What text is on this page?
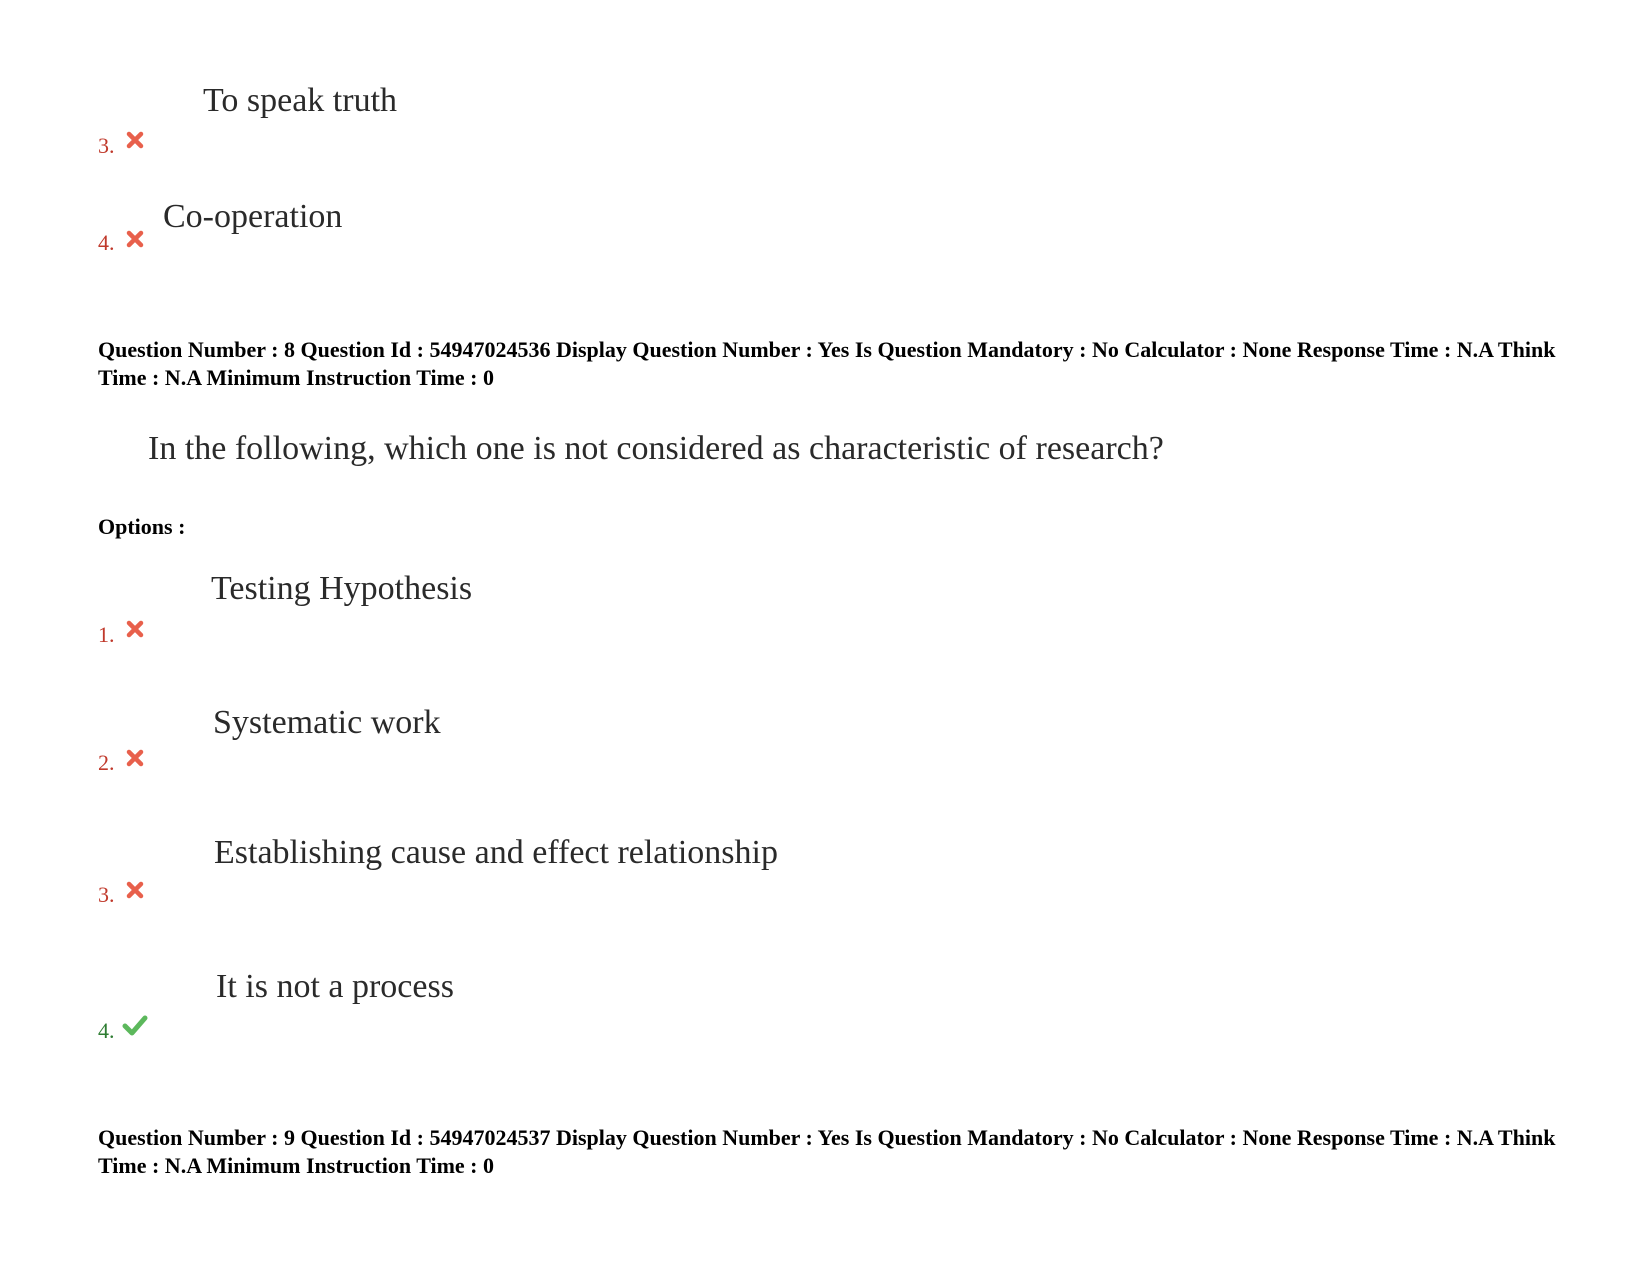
To speak truth
3.
Co-operation
4.
Question Number : 8 Question Id : 54947024536 Display Question Number : Yes Is Question Mandatory : No Calculator : None Response Time : N.A Think Time : N.A Minimum Instruction Time : 0
In the following, which one is not considered as characteristic of research?
Options :
Testing Hypothesis
1.
Systematic work
2.
Establishing cause and effect relationship
3.
It is not a process
4.
Question Number : 9 Question Id : 54947024537 Display Question Number : Yes Is Question Mandatory : No Calculator : None Response Time : N.A Think Time : N.A Minimum Instruction Time : 0
